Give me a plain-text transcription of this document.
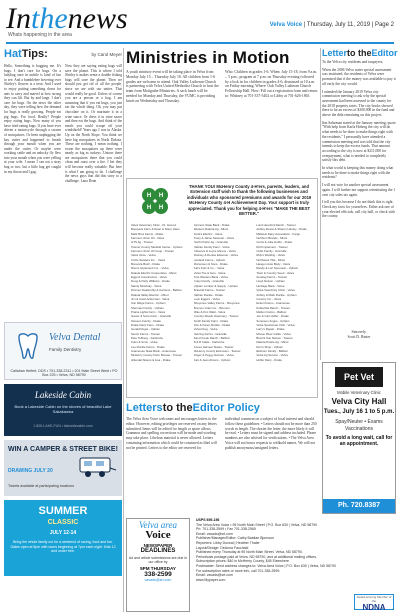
Inthenews
Whats happening in the area
Velva Voice | Thursday, July 11, 2019 | Page 2
HatTips:	by Carol Meyer

Hello, Something is bugging me. It's bugs. I don't care for bugs. On a ladybug once in awhile is kind of fun to see. And a bumblebee hovering over Shirley's flowers is a treat. And I used to enjoy putting something down for ants to carry and marvel at how strong they can lift. But by and large, I don't care for bugs. On the news the other day, they were telling how the demand for bugs is really growing. People eat pig bugs. For food. Really? People enjoy eating bugs. Now many of you have tried eating bugs. If you have ever driven a motorcycle through a swarm of mosquitoes. Or been unplugging the bay cutter and happened to breath through your mouth when you are under the cutter. Or maybe were working cattle and an unlucky fly flew into your mouth when you were yelling at your wife. I mean I can eat a stray bug or two, but a little bug get caught in my throat and I gag.

Now they are saying eating bugs will save the planet. This is where I told Shirley it makes sense a double fishing bugs will save the planet. Then we should just get rid of all the people, since we are with our unites. That would really be good. Unless of course you are a person or a bug. I am assuming that if you eat bugs, you just eat the whole thing. Oh, you may put chocolate on it. Or marinate it in a wine sauce. Or dress it in wine sauce and then eat the bugs. And think of the meals you could scrape off your windshield! Years ago I was in Alaska. Up on the North Slope. You think we have big mosquitoes in North Dakota. These are nothing. I mean nothing. I swear the mosquitoes up there were nearly as big as turkeys. Unions there are mosquitoes there that you could clean and roast over a fire. I bet they will become really valuable. But here is what I am going to do. I challenge the news guys that did this story to a challenge. Lana Dean

Ministries in Motion

A youth ministry event will be taking place in Velva from Monday July 15 – Thursday July 18. All children from 1-6 grades are welcome to attend. Oak Valley Lutheran Church is partnering with Velva United Methodist Church to host the team from Motiguthe Ministries. A sack lunch will be needed for Monday and Thursday, the VUMC is providing lunch on Wednesday and Thursday.

Who: Children in grades 1-6. When: July 15-18, from 9 a.m. – 3 p.m.; program at 7 p.m. on Thursday evening followed by a lock in for children in grades 4-6, dismissed at 10 a.m. on Friday morning. Where: Oak Valley Lutheran Church Fellowship Hall. How: Fill out a registration form and return to: Whitney at 701-337-5402 or Libby at 701-626-1863

H H
H H
THANK YOU! McHenry County 4-H'ers, parents, leaders, and Extension staff wish to thank the following businesses and individuals who sponsored premiums and awards for our 2019 McHenry County 4-H Achievement Day. Your support is truly appreciated. Thank you for helping 4-H'ers "MAKE THE BEST BETTER."
Velva Veterinary Clinic - Dr. Gomez
Bouquets Farm & Dean & Stacy Haus
Mahl Bros Farms - Drake
Farmers Union Oil - Velva
GTS Ag - Towner
Towner County Medical Center - Upham
Farmers Union Oil Coop - Towner
Velva Voice - Velva
Circle Sanders Inc. - Velva
Bonanza Bush - Drake
Rivers Implement Inc. - Velva
Dakota Electric Cooperative - Minot
Eggers Construction - Velva
Doug & Patty Williams - Drake
Sandy Mowbray - Velva
Dimmer Dealership & Auctions - Balfour
Dakota Valley Electric - Minot
Jim & Carol Ackerman - Velva
Sun Ridge Farms - Upham
Sherman Family - Upham
Prairie Lights Farm - Velva
Gieser & Sons Farm - Granville
Stevens Family - Drake
Drake Dairy Farm - Drake
Gerald Roget - Upham
Sevrin Farms - Towner
Pete Tullberg - Karlsruhe
Kuhn & Sons - Velva
Leo Ruckle Farms - Drake
Anamoose State Bank - Anamoose
McHenry County Farm Bureau - Towner
Hitterdal Sisters & Lisa - Drake
Farmers State Bank - Drake
Western Dakota Ag - Minot
Scott's Electric - Velva
Tracy & Jaime Newman - Velva
North Prairie Ag - Granville
Nathan Family Farm - Velva
Clarence & Joyce Ahrens - Velva
Rodney & Denise Eiseman - Velva
Hovland Farms - Upham
Mortensen & Sons - Drake
Kat's Kutz & Co. - Velva
Velva Tire & Auto - Velva
First Western Bank - Velva
Crary Family - Granville
Upham Lumber & Supply - Upham
Bratvold Farms - Towner
Nathan Ruckle - Drake
Leon Eggers - Velva
Sheyenne Valley Farms - Sheyenne
Bremen Grain Co. - Bremen
Mike & Kim Wald - Velva
Country Roads Veterinary - Towner
Smith Family Farm - Drake
Ron & Karen Ruckle - Drake
Velva Drug - Velva
Nehring Farms - Granville
Sand Creek Ranch - Balfour
B & B Cattle - Karlsruhe
Cenex Harvest States - Towner
McHenry County Extension - Towner
Roger & Peggy Hanson - Velva
Karl & Jean Ahrens - Upham
Lund Hereford Ranch - Towner
Ashley Evans & Sharon Hanley - Drake
Midwest Dairy Association - Fargo
Northern Brands - Minot
Curtis & Julie Hoffer - Drake
Ruff Implement - Towner
Cobb Family - Granville
Rick's Welding - Velva
Northwest Title - Minot
Haugen Auto Body - Velva
Randy & Lori Sorenson - Upham
Town & Country Seed - Velva
Sondag Farms - Towner
Lloyd Nelson - Upham
Heritage Bank - Velva
Velva Veterinary Clinic - Velva
Ashley & Mark Ruckle - Upham
Country Inn - Velva
Eckert Farms - Anamoose
Kubischta Ranch - Towner
Mellum Farms - Balfour
Jon & Cari Hoffer - Drake
Sorenson Angus - Upham
Velva Sportsman Club - Velva
Larry's Repair - Drake
Mouse River Cattle - Velva
Brad & Sue Nelson - Towner
Dakota Prairie Ag - Minot
Ron's Shop - Upham
Ekstrom Family - Balfour
Velva Ag Service - Velva
Hoffer Dairy - Drake
Letterto theEditor

To the Velva city residents and taxpayers,

When the 2006 Velva water special assessment was instituted, the residents of Velva were promised that if the money was available to pay it off early the city would.

I attended the January 2019 Velva city commission meeting to ask why the special assessment had been assessed to the county for the 2018 property taxes. The city books showed there to be an excess of $200,000 in the fund and above the debt remaining on this project.

Jim Saltzman stated at the January meeting, quote "With help from Karla Hoberg the city will do what needs to be done to make things right with the residents." I personally have attended a commission meeting and was told that the city intends to keep the excess funds. That amount according to the city is now at $211,000 for overpayment, what is needed to completely satisfy this debt.

In what world is keeping this money doing what needs to be done to make things right with the residents?

I will not vote for another special assessment again. I will further not support reinstituting the 1 cent city sales tax again.

I tell you this because I do not think this is right. Check my facts for yourselves. Either ask one of your elected officials, call city hall, or check with the county.

Sincerely,
Scott D. Rinter
Velva Dental
Family Dentistry
Callahan Heifert, DDS • 701-338-2311 • 201 Main Street West • PO Box 225 • Velva, ND 58790
Lakeside Cabin
Book a Lakeside Cabin on the shores of beautiful Lake Sakakawea
1-800-LAKE-FUN • lakesidecabin.com
WIN A CAMPER & STREET BIKE!
DRAWING JULY 20
Tickets available at participating locations
SUMMER
CLASSIC
JULY 12-14
Bring the whole family out for a weekend of racing, food and fun. Gates open at 5pm with races beginning at 7pm each night. Kids 12 and under free.
Lettersto theEditor Policy

The Velva Area Voice welcomes and encourages letters to the editor. However, editing privileges are reserved on any letters submitted. Items will be edited for length or space allows. Grammar and spelling corrections will be made and wording may take place. Libelous material is never allowed. Letters containing information which could be construed as libel will not be printed. Letters to the editor are reserved for

individual comment on a subject of local interest and should follow these guidelines: • Letters should not be more than 250 words in length. The shorter the letter, the more likely it will be read. • Letters must be signed and address included. Phone numbers are also advised for verifications. • The Velva Area Voice will not honor requests to withhold names. We will not publish anonymous/unsigned letters.

Velva area
Voice
NEWSPAPER
DEADLINES
Ad and article submissions are due in our office by
5PM THURSDAY
338-2599
vavads@srt.com
Pet Vet
Mobile Veterinary Clinic
Velva City Hall
Tues., July 16 1 to 5 p.m.
Spay/Neuter • Exams Vaccinations
To avoid a long wait, call for an appointment.
Ph. 720.8387

USPS 659-156

The Velva Area Voice • 95 North Main Street | P.O. Box 630 | Velva, ND 58790

Ph: 701-338-2599 • Fax 701-338-2565

Email: vavads@srt.com

Publisher/Manager/Editor: Cathy Bastian Bjornson

Reporters: Libby Durwal | Heather Thaler

Layout/Design: DeAnna Fauchald

Published every Thursday at 95 North Main Street, Velva, ND 58790.

Periodicals postage paid at Velva, ND 58790, and at additional mailing offices.

Subscription prices: $40 in McHenry County, $45 Elsewhere

Postmaster: Send address changes to: Velva Area Voice | P.O. Box 630 | Velva, ND 58790

For subscription rates or more info, call 701-338-2599.

Email: vavads@srt.com

www.Mypaper.com

Award-winning Member of the
NDNA
